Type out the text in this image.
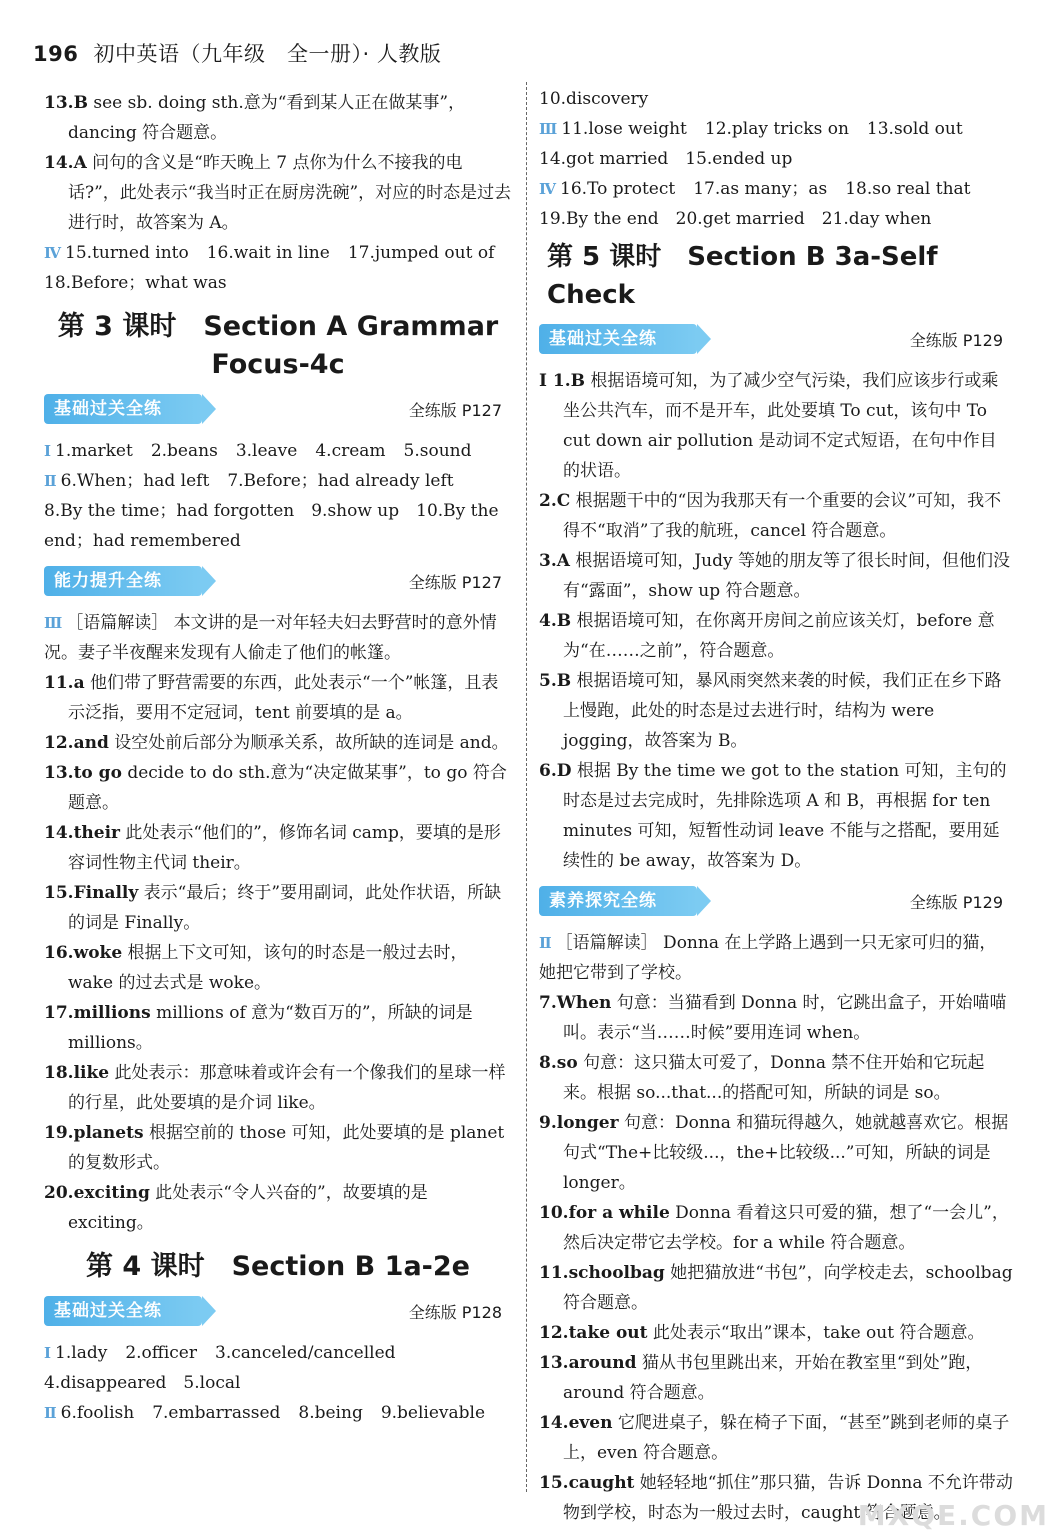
196 初中英语（九年级　全一册）· 人教版
13.B see sb. doing sth.意为“看到某人正在做某事”，dancing 符合题意。
14.A 问句的含义是“昨天晚上 7 点你为什么不接我的电话?”，此处表示“我当时正在厨房洗碗”，对应的时态是过去进行时，故答案为 A。
Ⅳ 15.turned into 16.wait in line 17.jumped out of
18.Before；what was
第 3 课时　Section A Grammar
Focus-4c
基础过关全练	全练版 P127
Ⅰ 1.market 2.beans 3.leave 4.cream 5.sound
Ⅱ 6.When；had left 7.Before；had already left
8.By the time；had forgotten　9.show up　10.By the
end；had remembered
能力提升全练	全练版 P127
Ⅲ ［语篇解读］ 本文讲的是一对年轻夫妇去野营时的意外情况。妻子半夜醒来发现有人偷走了他们的帐篷。
11.a 他们带了野营需要的东西，此处表示“一个”帐篷，且表示泛指，要用不定冠词，tent 前要填的是 a。
12.and 设空处前后部分为顺承关系，故所缺的连词是 and。
13.to go decide to do sth.意为“决定做某事”，to go 符合题意。
14.their 此处表示“他们的”，修饰名词 camp，要填的是形容词性物主代词 their。
15.Finally 表示“最后；终于”要用副词，此处作状语，所缺的词是 Finally。
16.woke 根据上下文可知，该句的时态是一般过去时，wake 的过去式是 woke。
17.millions millions of 意为“数百万的”，所缺的词是 millions。
18.like 此处表示：那意味着或许会有一个像我们的星球一样的行星，此处要填的是介词 like。
19.planets 根据空前的 those 可知，此处要填的是 planet 的复数形式。
20.exciting 此处表示“令人兴奋的”，故要填的是 exciting。
第 4 课时　Section B 1a-2e
基础过关全练	全练版 P128
Ⅰ 1.lady 2.officer 3.canceled/cancelled
4.disappeared　5.local
Ⅱ 6.foolish 7.embarrassed 8.being 9.believable
10.discovery
Ⅲ 11.lose weight 12.play tricks on 13.sold out
14.got married　15.ended up
Ⅳ 16.To protect 17.as many；as 18.so real that
19.By the end　20.get married　21.day when
第 5 课时　Section B 3a-Self Check
基础过关全练	全练版 P129
Ⅰ 1.B 根据语境可知，为了减少空气污染，我们应该步行或乘坐公共汽车，而不是开车，此处要填 To cut，该句中 To cut down air pollution 是动词不定式短语，在句中作目的状语。
2.C 根据题干中的“因为我那天有一个重要的会议”可知，我不得不“取消”了我的航班，cancel 符合题意。
3.A 根据语境可知，Judy 等她的朋友等了很长时间，但他们没有“露面”，show up 符合题意。
4.B 根据语境可知，在你离开房间之前应该关灯，before 意为“在……之前”，符合题意。
5.B 根据语境可知，暴风雨突然来袭的时候，我们正在乡下路上慢跑，此处的时态是过去进行时，结构为 were jogging，故答案为 B。
6.D 根据 By the time we got to the station 可知，主句的时态是过去完成时，先排除选项 A 和 B，再根据 for ten minutes 可知，短暂性动词 leave 不能与之搭配，要用延续性的 be away，故答案为 D。
素养探究全练	全练版 P129
Ⅱ ［语篇解读］ Donna 在上学路上遇到一只无家可归的猫，她把它带到了学校。
7.When 句意：当猫看到 Donna 时，它跳出盒子，开始喵喵叫。表示“当……时候”要用连词 when。
8.so 句意：这只猫太可爱了，Donna 禁不住开始和它玩起来。根据 so...that...的搭配可知，所缺的词是 so。
9.longer 句意：Donna 和猫玩得越久，她就越喜欢它。根据句式“The+比较级...，the+比较级...”可知，所缺的词是 longer。
10.for a while Donna 看着这只可爱的猫，想了“一会儿”，然后决定带它去学校。for a while 符合题意。
11.schoolbag 她把猫放进“书包”，向学校走去，schoolbag 符合题意。
12.take out 此处表示“取出”课本，take out 符合题意。
13.around 猫从书包里跳出来，开始在教室里“到处”跑，around 符合题意。
14.even 它爬进桌子，躲在椅子下面，“甚至”跳到老师的桌子上，even 符合题意。
15.caught 她轻轻地“抓住”那只猫，告诉 Donna 不允许带动物到学校，时态为一般过去时，caught 符合题意。
MXQE.COM
